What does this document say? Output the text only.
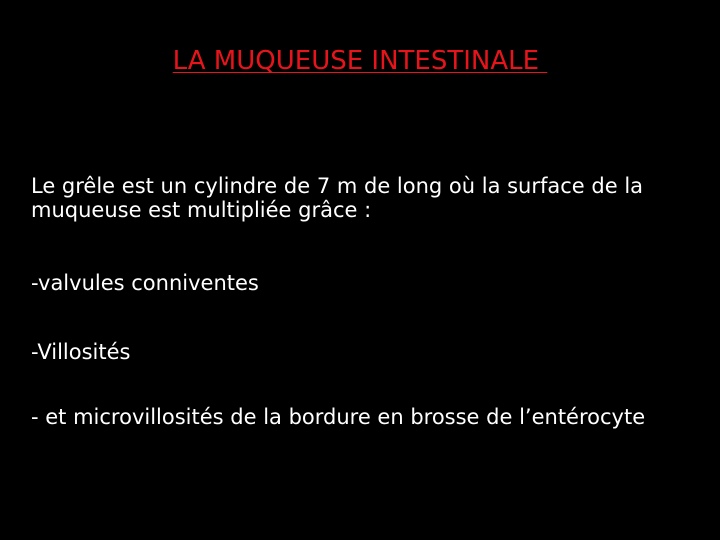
LA MUQUEUSE INTESTINALE
Le grêle est un cylindre de 7 m de long où la surface de la
muqueuse est multipliée grâce :
-valvules conniventes
-Villosités
- et microvillosités de la bordure en brosse de l’entérocyte
